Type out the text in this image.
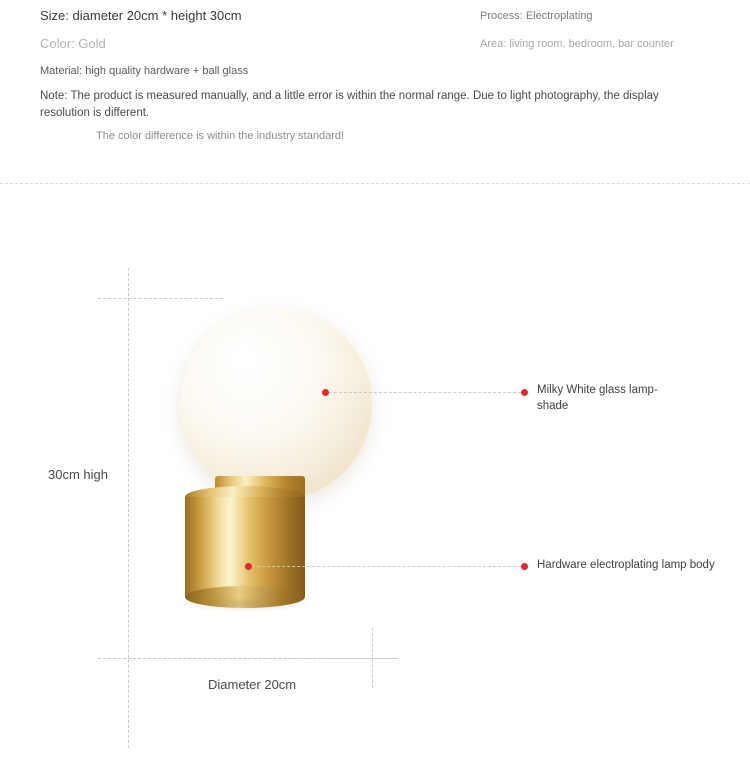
Size: diameter 20cm * height 30cm	Process: Electroplating
Color: Gold	Area: living room, bedroom, bar counter
Material: high quality hardware + ball glass
Note: The product is measured manually, and a little error is within the normal range. Due to light photography, the display resolution is different.
The color difference is within the industry standard!
Milky White glass lamp-shade
Hardware electroplating lamp body
30cm high
Diameter 20cm
